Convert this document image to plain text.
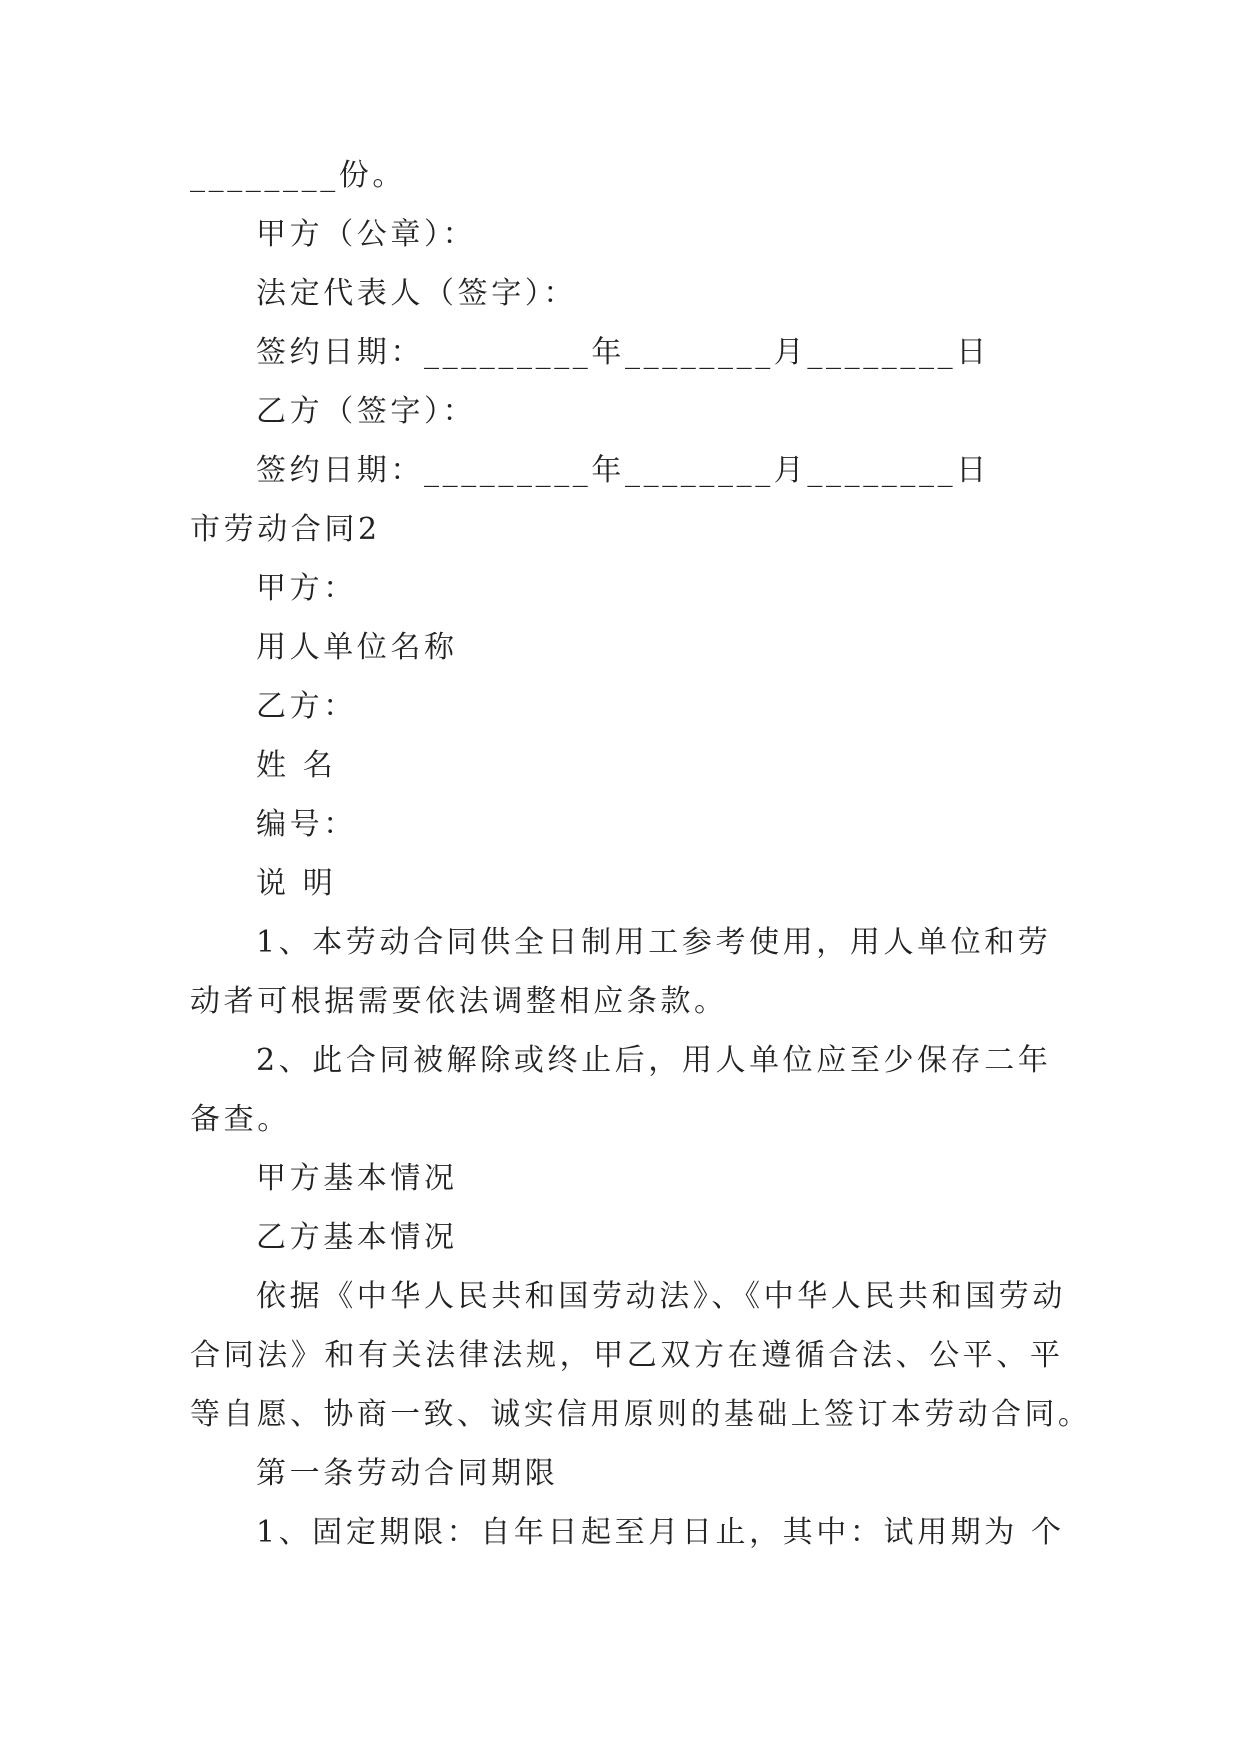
________份。
甲方（公章）：
法定代表人（签字）：
签约日期：_________年________月________日
乙方（签字）：
签约日期：_________年________月________日
市劳动合同2
甲方：
用人单位名称
乙方：
姓 名
编号：
说 明
1、本劳动合同供全日制用工参考使用，用人单位和劳
动者可根据需要依法调整相应条款。
2、此合同被解除或终止后，用人单位应至少保存二年
备查。
甲方基本情况
乙方基本情况
依据《中华人民共和国劳动法》、《中华人民共和国劳动
合同法》和有关法律法规，甲乙双方在遵循合法、公平、平
等自愿、协商一致、诚实信用原则的基础上签订本劳动合同。
第一条劳动合同期限
1、固定期限：自年日起至月日止，其中：试用期为 个
